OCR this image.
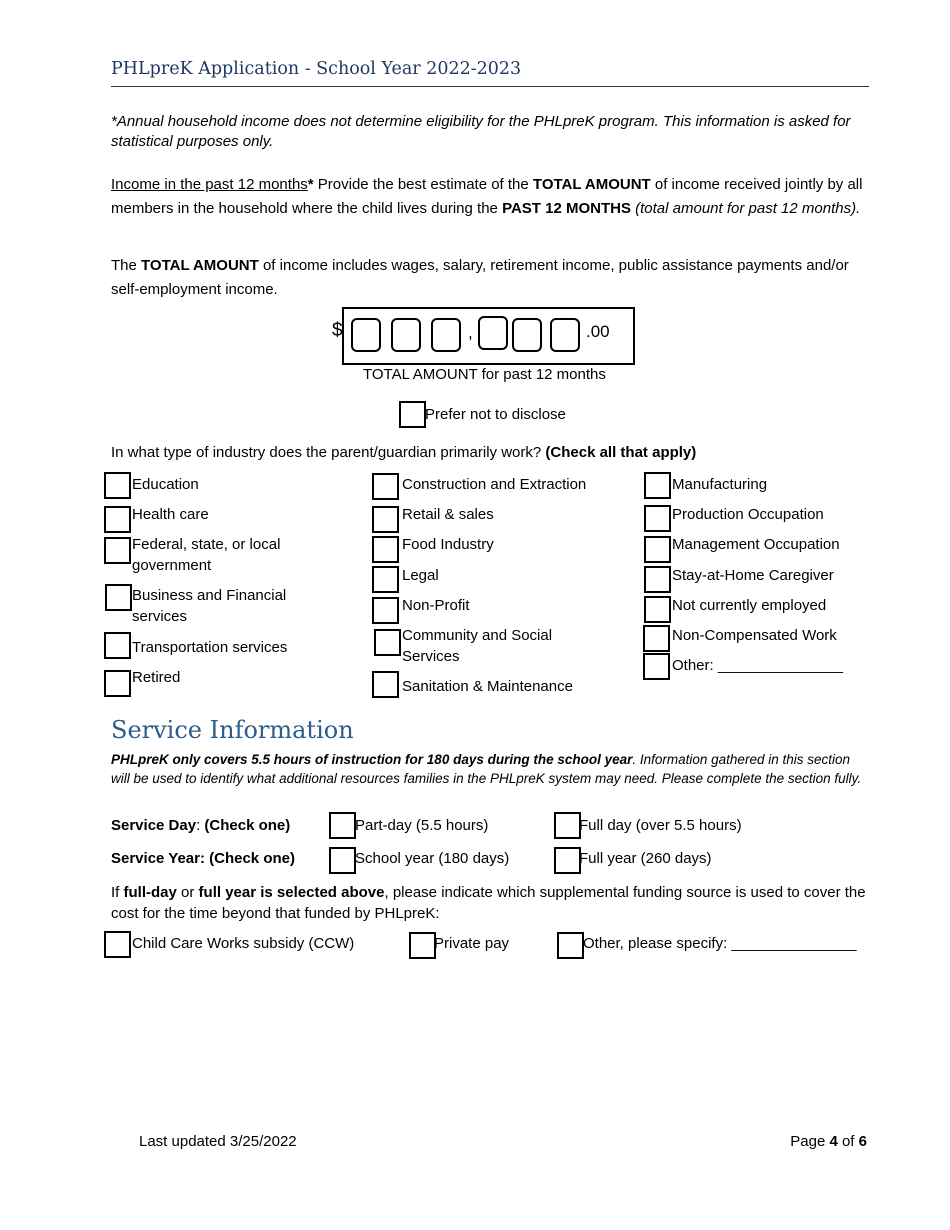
PHLpreK Application - School Year 2022-2023
*Annual household income does not determine eligibility for the PHLpreK program. This information is asked for statistical purposes only.
Income in the past 12 months* Provide the best estimate of the TOTAL AMOUNT of income received jointly by all members in the household where the child lives during the PAST 12 MONTHS (total amount for past 12 months).
The TOTAL AMOUNT of income includes wages, salary, retirement income, public assistance payments and/or self-employment income.
$	,	.00
TOTAL AMOUNT for past 12 months
Prefer not to disclose
In what type of industry does the parent/guardian primarily work? (Check all that apply)
Education
Health care
Federal, state, or local government
Business and Financial services
Transportation services
Retired
Construction and Extraction
Retail & sales
Food Industry
Legal
Non-Profit
Community and Social Services
Sanitation & Maintenance
Manufacturing
Production Occupation
Management Occupation
Stay-at-Home Caregiver
Not currently employed
Non-Compensated Work
Other: _______________
Service Information
PHLpreK only covers 5.5 hours of instruction for 180 days during the school year. Information gathered in this section will be used to identify what additional resources families in the PHLpreK system may need. Please complete the section fully.
Service Day: (Check one)	Part-day (5.5 hours)	Full day (over 5.5 hours)
Service Year: (Check one)	School year (180 days)	Full year (260 days)
If full-day or full year is selected above, please indicate which supplemental funding source is used to cover the cost for the time beyond that funded by PHLpreK:
Child Care Works subsidy (CCW)	Private pay	Other, please specify: _______________
Last updated 3/25/2022	Page 4 of 6
